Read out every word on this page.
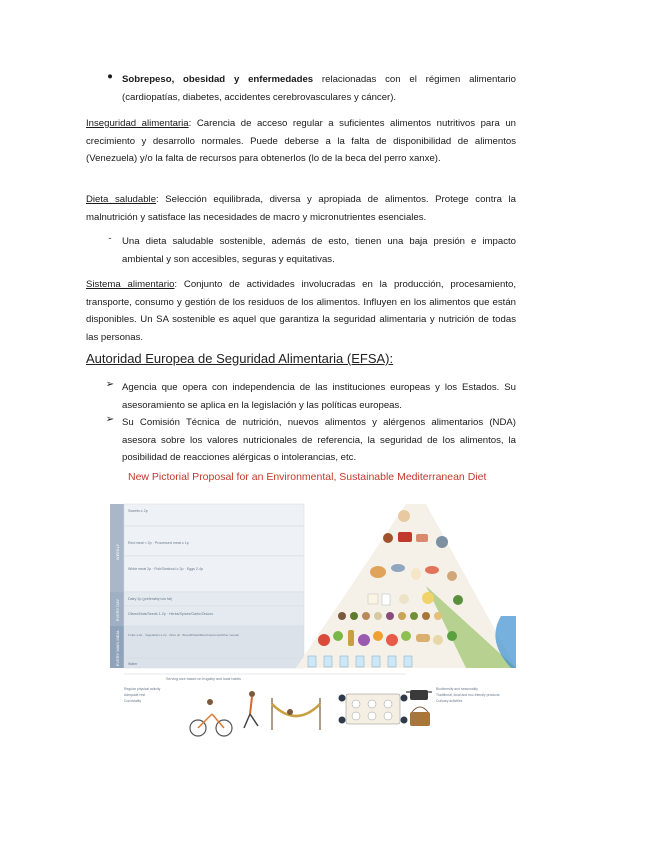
● Sobrepeso, obesidad y enfermedades relacionadas con el régimen alimentario (cardiopatías, diabetes, accidentes cerebrovasculares y cáncer).
Inseguridad alimentaria: Carencia de acceso regular a suficientes alimentos nutritivos para un crecimiento y desarrollo normales. Puede deberse a la falta de disponibilidad de alimentos (Venezuela) y/o la falta de recursos para obtenerlos (lo de la beca del perro xanxe).
Dieta saludable: Selección equilibrada, diversa y apropiada de alimentos. Protege contra la malnutrición y satisface las necesidades de macro y micronutrientes esenciales.
-	Una dieta saludable sostenible, además de esto, tienen una baja presión e impacto ambiental y son accesibles, seguras y equitativas.
Sistema alimentario: Conjunto de actividades involucradas en la producción, procesamiento, transporte, consumo y gestión de los residuos de los alimentos. Influyen en los alimentos que están disponibles. Un SA sostenible es aquel que garantiza la seguridad alimentaria y nutrición de todas las personas.
Autoridad Europea de Seguridad Alimentaria (EFSA):
➢ Agencia que opera con independencia de las instituciones europeas y los Estados. Su asesoramiento se aplica en la legislación y las políticas europeas.
➢ Su Comisión Técnica de nutrición, nuevos alimentos y alérgenos alimentarios (NDA) asesora sobre los valores nutricionales de referencia, la seguridad de los alimentos, la posibilidad de reacciones alérgicas o intolerancias, etc.
New Pictorial Proposal for an Environmental, Sustainable Mediterranean Diet
WEEKLY
EVERY DAY
EVERY MAIN MEAL
Sweets ≤ 2p
Red meat < 2p · Processed meat ≤ 1p
White meat 2p · Fish/Seafood ≥ 2p · Eggs 2-4p
Dairy 2p (preferably low fat)
Olives/Nuts/Seeds 1-2p · Herbs/Spices/Garlic/Onions
Fruits 1-2p · Vegetables ≥ 2p · Olive oil · Bread/Pasta/Rice/Couscous/Other cereals
Water
Serving size based on frugality and local habits
Regular physical activity
Adequate rest
Conviviality
Biodiversity and seasonality
Traditional, local and eco-friendly products
Culinary activities
